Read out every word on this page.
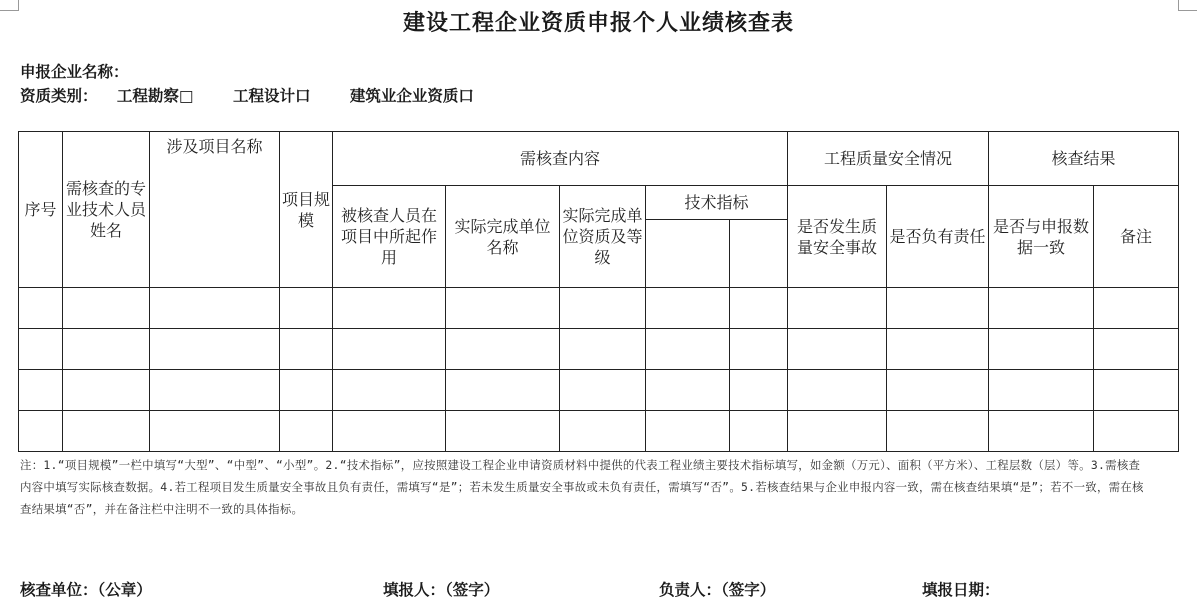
建设工程企业资质申报个人业绩核查表
申报企业名称：
资质类别： 工程勘察□	工程设计口	建筑业企业资质口
序号	需核查的专业技术人员姓名	涉及项目名称	项目规模	需核查内容					工程质量安全情况		核查结果	
				被核查人员在项目中所起作用	实际完成单位名称	实际完成单位资质及等级	技术指标		是否发生质量安全事故	是否负有责任	是否与申报数据一致	备注

注：1.“项目规模”一栏中填写“大型”、“中型”、“小型”。2.“技术指标”，应按照建设工程企业申请资质材料中提供的代表工程业绩主要技术指标填写，如金额（万元）、面积（平方米）、工程层数（层）等。3.需核查内容中填写实际核查数据。4.若工程项目发生质量安全事故且负有责任，需填写“是”；若未发生质量安全事故或未负有责任，需填写“否”。5.若核查结果与企业申报内容一致，需在核查结果填“是”；若不一致，需在核查结果填“否”，并在备注栏中注明不一致的具体指标。
核查单位：（公章）	填报人：（签字）	负责人：（签字）	填报日期：
